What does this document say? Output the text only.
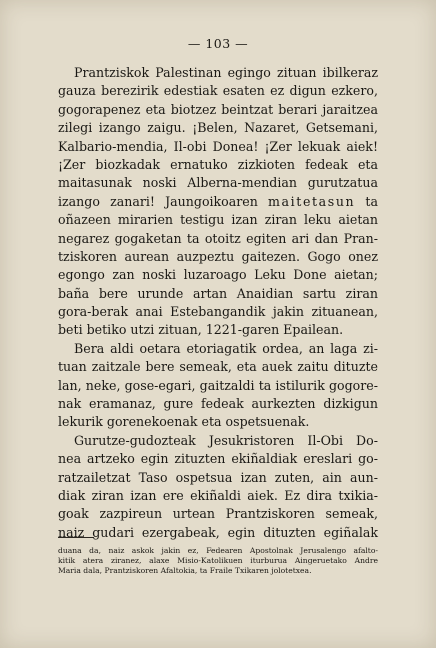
— 103 —
Prantziskok Palestinan egingo zituan ibilkeraz
gauza berezirik edestiak esaten ez digun ezkero,
gogorapenez eta biotzez beintzat berari jaraitzea
zilegi izango zaigu. ¡Belen, Nazaret, Getsemani,
Kalbario-mendia, Il-obi Donea! ¡Zer lekuak aiek!
¡Zer biozkadak ernatuko zizkioten fedeak eta
maitasunak noski Alberna-mendian gurutzatua
izango zanari! Jaungoikoaren maitetasun ta
oñazeen mirarien testigu izan ziran leku aietan
negarez gogaketan ta otoitz egiten ari dan Pran-
tziskoren aurean auzpeztu gaitezen. Gogo onez
egongo zan noski luzaroago Leku Done aietan;
baña bere urunde artan Anaidian sartu ziran
gora-berak anai Estebangandik jakin zituanean,
beti betiko utzi zituan, 1221-garen Epailean.
Bera aldi oetara etoriagatik ordea, an laga zi-
tuan zaitzale bere semeak, eta auek zaitu dituzte
lan, neke, gose-egari, gaitzaldi ta istilurik gogore-
nak eramanaz, gure fedeak aurkezten dizkigun
lekurik gorenekoenak eta ospetsuenak.
Gurutze-gudozteak Jesukristoren Il-Obi Do-
nea artzeko egin zituzten ekiñaldiak ereslari go-
ratzailetzat Taso ospetsua izan zuten, ain aun-
diak ziran izan ere ekiñaldi aiek. Ez dira txikia-
goak zazpireun urtean Prantziskoren semeak,
naiz gudari ezergabeak, egin dituzten egiñalak
duana da, naiz askok jakin ez, Fedearen Apostolnak Jerusalengo afalto-
kitik atera ziranez, alaxe Misio-Katolikuen iturburua Aingeruetako Andre
Maria dala, Prantziskoren Afaltokia, ta Fraile Txikaren jolotetxea.
